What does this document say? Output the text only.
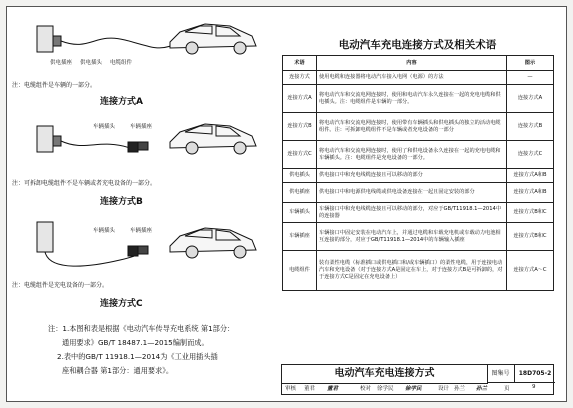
供电插座 供电插头 电缆组件
注：电缆组件是车辆的一部分。
连接方式A
车辆插头	车辆插座
注：可拆卸电缆组件不是车辆或者充电设备的一部分。
连接方式B
车辆插头	车辆插座
注：电缆组件是充电设备的一部分。
连接方式C
电动汽车充电连接方式及相关术语
术语	内容	图示
连接方式	使用电缆和连接器将电动汽车接入电网（电源）的方法	—
连接方式A	将电动汽车和交流电网连接时，使用和电动汽车永久连接在一起的充电电缆和供电插头。注：电缆组件是车辆的一部分。	连接方式A
连接方式B	将电动汽车和交流电网连接时，使用带有车辆插头和供电插头的独立的活动电缆组件。注：可拆卸电缆组件不是车辆或者充电设备的一部分	连接方式B
连接方式C	将电动汽车和交流电网连接时，使用了和供电设备永久连接在一起的充电电缆和车辆插头。注：电缆组件是充电设备的一部分。	连接方式C
供电插头	供电接口中和充电线缆连接且可以移动的部分	连接方式A和B
供电插座	供电接口中和电源供电线缆或供电设备连接在一起且固定安装的部分	连接方式A和B
车辆插头	车辆接口中和充电线缆连接且可以移动的部分，对应于GB/T11918.1—2014中的连接器	连接方式B和C
车辆插座	车辆接口中固定安装在电动汽车上，并通过电缆和车载充电机或车载动力电池相互连接的部分，对应于GB/T11918.1—2014中的车辆输入插座	连接方式B和C
电缆组件	装有柔性电缆（标准插口或供电插口和/或车辆插口）的柔性电缆，用于连接电动汽车和充电设备（对于连接方式A是固定在车上，对于连接方式B是可拆卸的，对于连接方式C是固定在充电设备上）	连接方式A～C
注：1.本图和表是根据《电动汽车传导充电系统 第1部分：
通用要求》GB/T 18487.1—2015编制而成。
2.表中的GB/T 11918.1—2014为《工业用插头插
座和耦合器 第1部分：通用要求》。	电动汽车充电连接方式	图集号	18D705-2
审核 董君 董君	校对 徐学民 徐学民	设计 孙兰 孙兰	页	9
